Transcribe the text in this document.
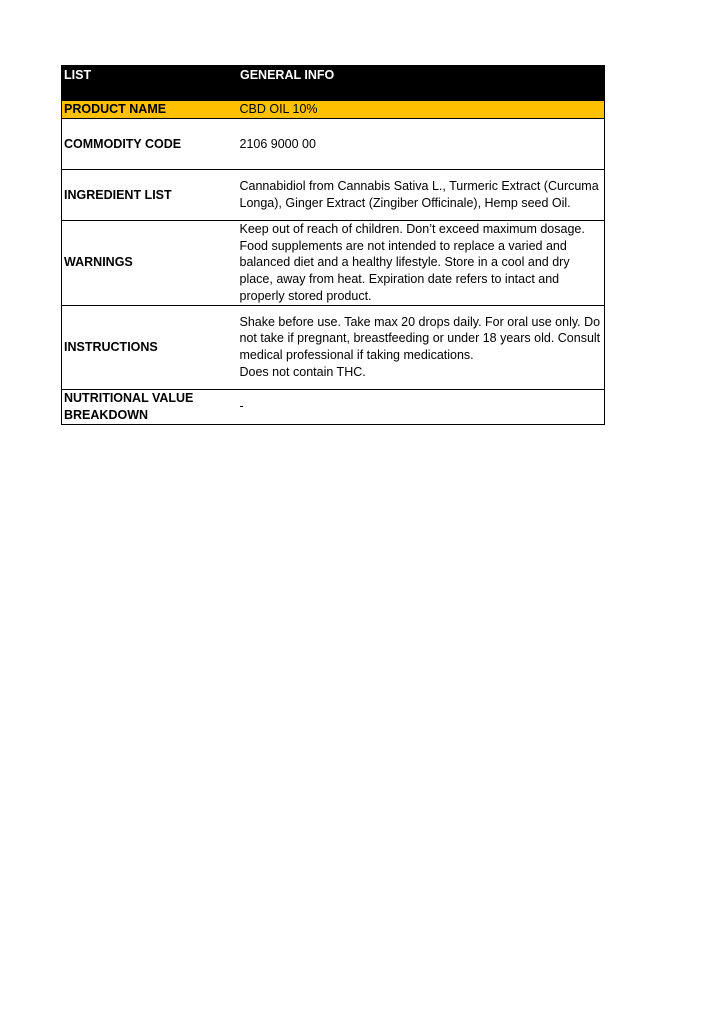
LIST	GENERAL INFO
PRODUCT NAME	CBD OIL 10%
COMMODITY CODE	2106 9000 00
INGREDIENT LIST	Cannabidiol from Cannabis Sativa L., Turmeric Extract (Curcuma Longa), Ginger Extract (Zingiber Officinale), Hemp seed Oil.
WARNINGS	Keep out of reach of children. Don’t exceed maximum dosage. Food supplements are not intended to replace a varied and balanced diet and a healthy lifestyle. Store in a cool and dry place, away from heat. Expiration date refers to intact and properly stored product.
INSTRUCTIONS	Shake before use. Take max 20 drops daily. For oral use only. Do not take if pregnant, breastfeeding or under 18 years old. Consult medical professional if taking medications.
Does not contain THC.
NUTRITIONAL VALUE BREAKDOWN	-
